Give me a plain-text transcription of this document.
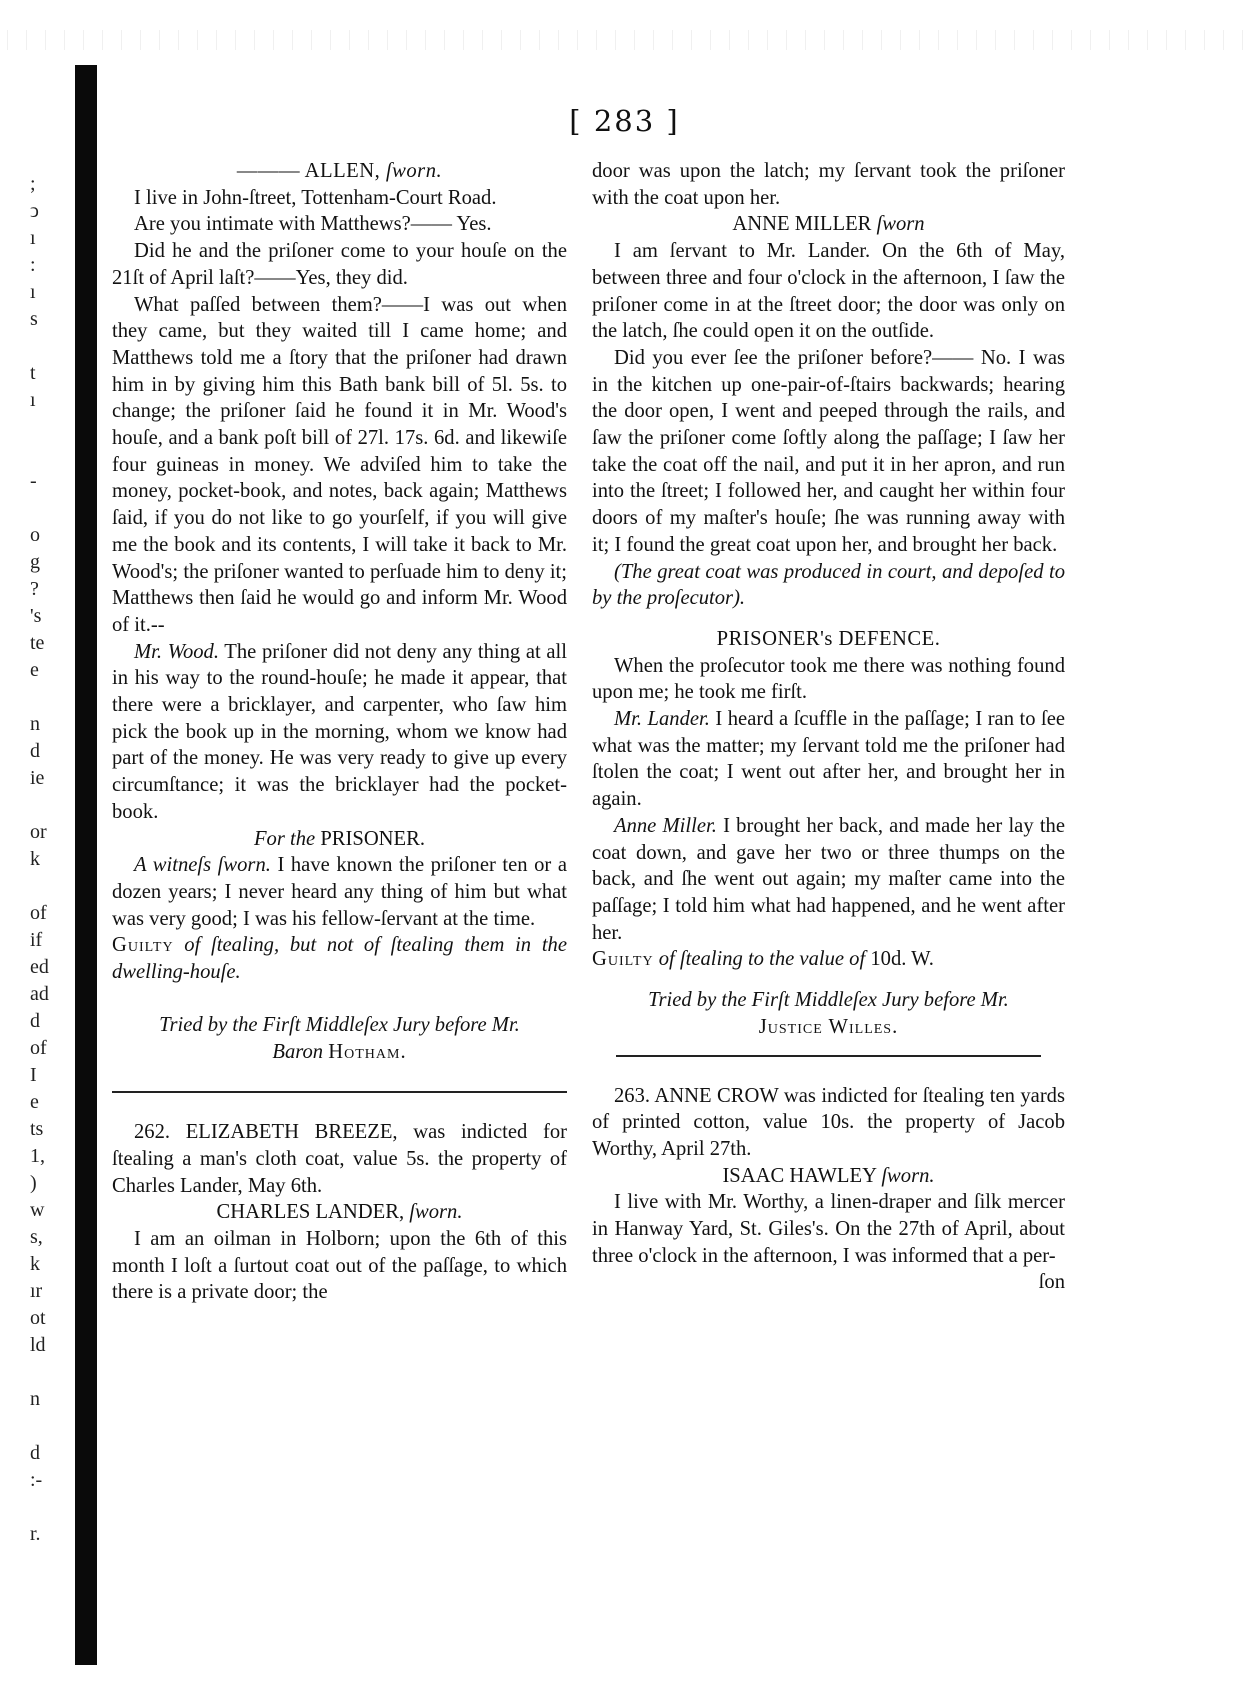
;
ↄ
ı
:
ı
s
t
ı
-
o
g
?
's
te
e
n
d
ie
or
k
of
if
ed
ad
d
of
I
e
ts
1,
)
w
s,
k
ır
ot
ld
n
d
:-
r.
[ 283 ]
——— ALLEN, ſworn.

I live in John-ſtreet, Tottenham-Court Road.

Are you intimate with Matthews?—— Yes.

Did he and the priſoner come to your houſe on the 21ſt of April laſt?——Yes, they did.

What paſſed between them?——I was out when they came, but they waited till I came home; and Matthews told me a ſtory that the priſoner had drawn him in by giving him this Bath bank bill of 5l. 5s. to change; the priſoner ſaid he found it in Mr. Wood's houſe, and a bank poſt bill of 27l. 17s. 6d. and likewiſe four guineas in money. We adviſed him to take the money, pocket-book, and notes, back again; Matthews ſaid, if you do not like to go yourſelf, if you will give me the book and its contents, I will take it back to Mr. Wood's; the priſoner wanted to perſuade him to deny it; Matthews then ſaid he would go and inform Mr. Wood of it.--

Mr. Wood. The priſoner did not deny any thing at all in his way to the round-houſe; he made it appear, that there were a bricklayer, and carpenter, who ſaw him pick the book up in the morning, whom we know had part of the money. He was very ready to give up every circumſtance; it was the bricklayer had the pocket-book.

For the PRISONER.

A witneſs ſworn. I have known the priſoner ten or a dozen years; I never heard any thing of him but what was very good; I was his fellow-ſervant at the time.

Guilty of ſtealing, but not of ſtealing them in the dwelling-houſe.

Tried by the Firſt Middleſex Jury before Mr.
Baron Hotham.

262. ELIZABETH BREEZE, was indicted for ſtealing a man's cloth coat, value 5s. the property of Charles Lander, May 6th.

CHARLES LANDER, ſworn.

I am an oilman in Holborn; upon the 6th of this month I loſt a ſurtout coat out of the paſſage, to which there is a private door; the

door was upon the latch; my ſervant took the priſoner with the coat upon her.

ANNE MILLER ſworn

I am ſervant to Mr. Lander. On the 6th of May, between three and four o'clock in the afternoon, I ſaw the priſoner come in at the ſtreet door; the door was only on the latch, ſhe could open it on the outſide.

Did you ever ſee the priſoner before?—— No. I was in the kitchen up one-pair-of-ſtairs backwards; hearing the door open, I went and peeped through the rails, and ſaw the priſoner come ſoftly along the paſſage; I ſaw her take the coat off the nail, and put it in her apron, and run into the ſtreet; I followed her, and caught her within four doors of my maſter's houſe; ſhe was running away with it; I found the great coat upon her, and brought her back.

(The great coat was produced in court, and depoſed to by the proſecutor).

PRISONER's DEFENCE.

When the proſecutor took me there was nothing found upon me; he took me firſt.

Mr. Lander. I heard a ſcuffle in the paſſage; I ran to ſee what was the matter; my ſervant told me the priſoner had ſtolen the coat; I went out after her, and brought her in again.

Anne Miller. I brought her back, and made her lay the coat down, and gave her two or three thumps on the back, and ſhe went out again; my maſter came into the paſſage; I told him what had happened, and he went after her.

Guilty of ſtealing to the value of 10d. W.

Tried by the Firſt Middleſex Jury before Mr.
Justice Willes.

263. ANNE CROW was indicted for ſtealing ten yards of printed cotton, value 10s. the property of Jacob Worthy, April 27th.

ISAAC HAWLEY ſworn.

I live with Mr. Worthy, a linen-draper and ſilk mercer in Hanway Yard, St. Giles's. On the 27th of April, about three o'clock in the afternoon, I was informed that a per-

ſon
